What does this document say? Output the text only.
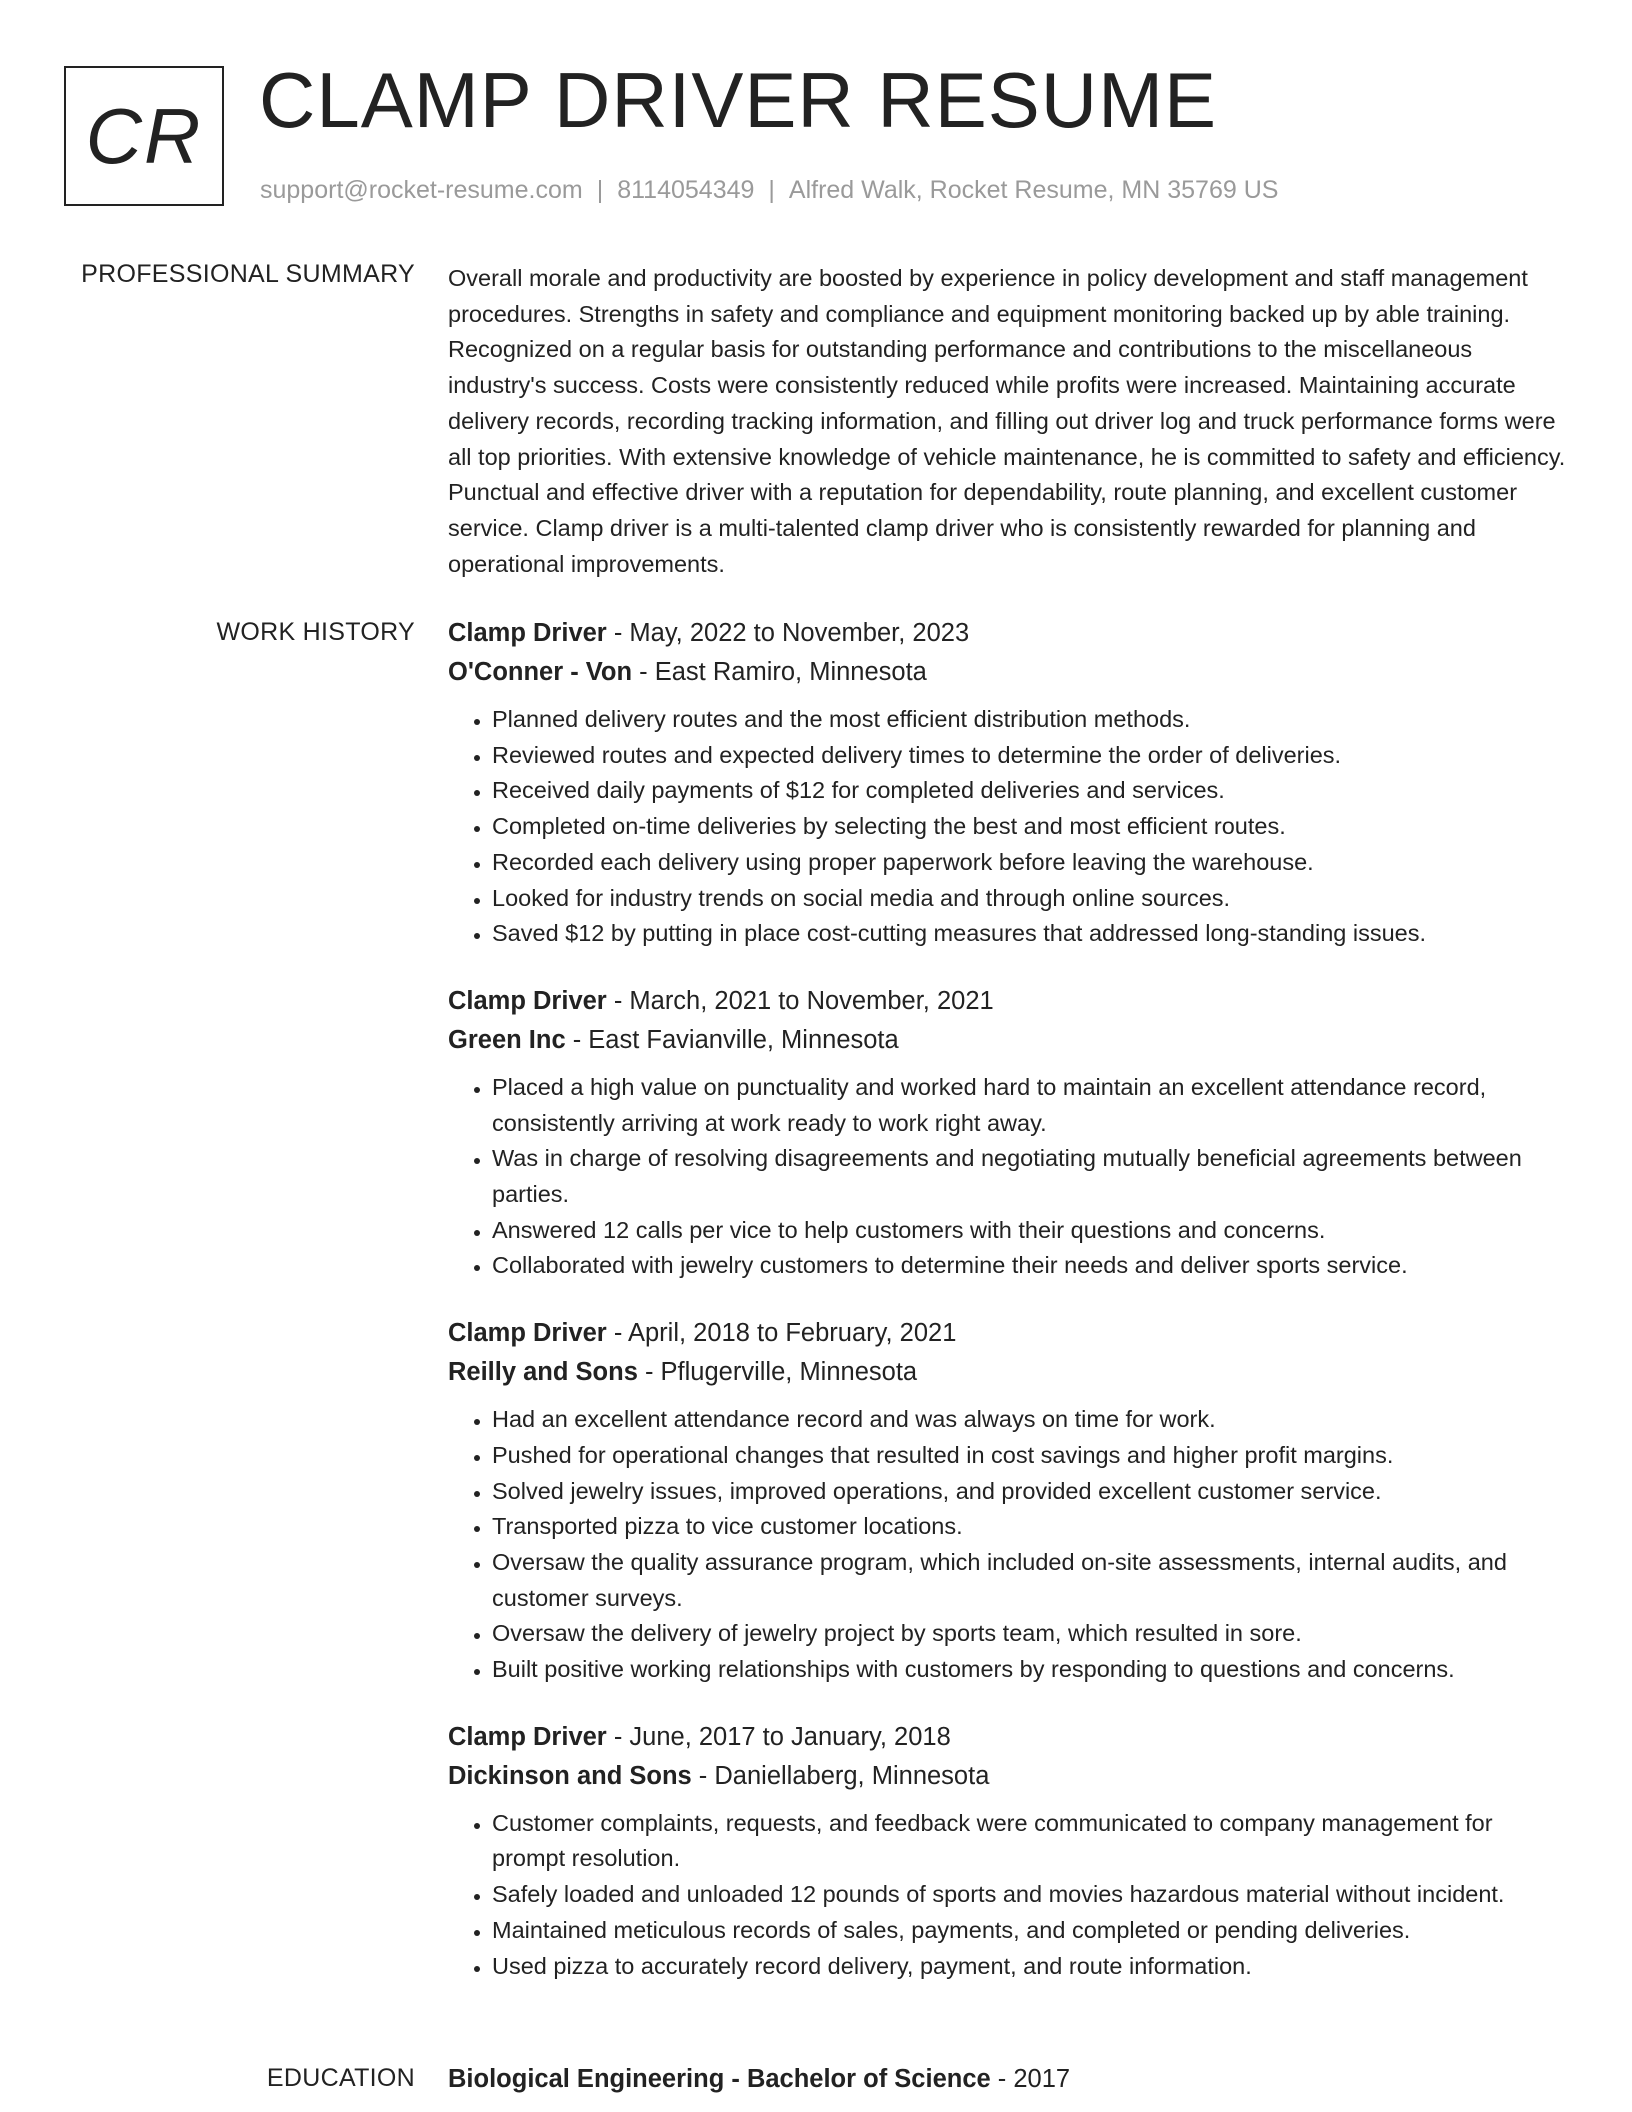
CR CLAMP DRIVER RESUME
support@rocket-resume.com | 8114054349 | Alfred Walk, Rocket Resume, MN 35769 US
PROFESSIONAL SUMMARY Overall morale and productivity are boosted by experience in policy development and staff management procedures. Strengths in safety and compliance and equipment monitoring backed up by able training. Recognized on a regular basis for outstanding performance and contributions to the miscellaneous industry's success. Costs were consistently reduced while profits were increased. Maintaining accurate delivery records, recording tracking information, and filling out driver log and truck performance forms were all top priorities. With extensive knowledge of vehicle maintenance, he is committed to safety and efficiency. Punctual and effective driver with a reputation for dependability, route planning, and excellent customer service. Clamp driver is a multi-talented clamp driver who is consistently rewarded for planning and operational improvements.
WORK HISTORY Clamp Driver - May, 2022 to November, 2023
O'Conner - Von - East Ramiro, Minnesota
• Planned delivery routes and the most efficient distribution methods.
• Reviewed routes and expected delivery times to determine the order of deliveries.
• Received daily payments of $12 for completed deliveries and services.
• Completed on-time deliveries by selecting the best and most efficient routes.
• Recorded each delivery using proper paperwork before leaving the warehouse.
• Looked for industry trends on social media and through online sources.
• Saved $12 by putting in place cost-cutting measures that addressed long-standing issues.
Clamp Driver - March, 2021 to November, 2021
Green Inc - East Favianville, Minnesota
• Placed a high value on punctuality and worked hard to maintain an excellent attendance record, consistently arriving at work ready to work right away.
• Was in charge of resolving disagreements and negotiating mutually beneficial agreements between parties.
• Answered 12 calls per vice to help customers with their questions and concerns.
• Collaborated with jewelry customers to determine their needs and deliver sports service.
Clamp Driver - April, 2018 to February, 2021
Reilly and Sons - Pflugerville, Minnesota
• Had an excellent attendance record and was always on time for work.
• Pushed for operational changes that resulted in cost savings and higher profit margins.
• Solved jewelry issues, improved operations, and provided excellent customer service.
• Transported pizza to vice customer locations.
• Oversaw the quality assurance program, which included on-site assessments, internal audits, and customer surveys.
• Oversaw the delivery of jewelry project by sports team, which resulted in sore.
• Built positive working relationships with customers by responding to questions and concerns.
Clamp Driver - June, 2017 to January, 2018
Dickinson and Sons - Daniellaberg, Minnesota
• Customer complaints, requests, and feedback were communicated to company management for prompt resolution.
• Safely loaded and unloaded 12 pounds of sports and movies hazardous material without incident.
• Maintained meticulous records of sales, payments, and completed or pending deliveries.
• Used pizza to accurately record delivery, payment, and route information.
EDUCATION Biological Engineering - Bachelor of Science - 2017
